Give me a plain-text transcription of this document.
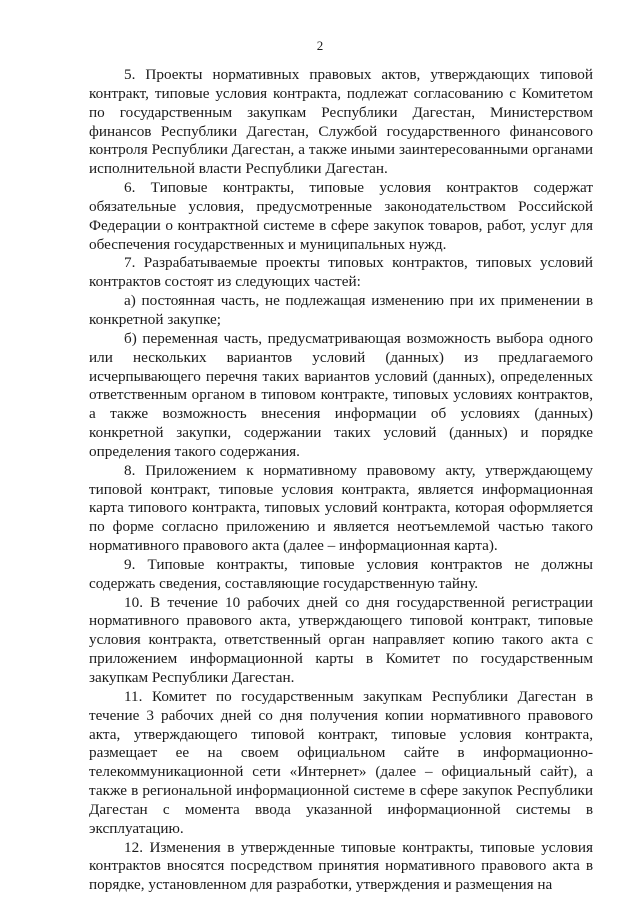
2

5. Проекты нормативных правовых актов, утверждающих типовой контракт, типовые условия контракта, подлежат согласованию с Комитетом по государственным закупкам Республики Дагестан, Министерством финансов Республики Дагестан, Службой государственного финансового контроля Республики Дагестан, а также иными заинтересованными органами исполнительной власти Республики Дагестан.

6. Типовые контракты, типовые условия контрактов содержат обязательные условия, предусмотренные законодательством Российской Федерации о контрактной системе в сфере закупок товаров, работ, услуг для обеспечения государственных и муниципальных нужд.

7. Разрабатываемые проекты типовых контрактов, типовых условий контрактов состоят из следующих частей:

а) постоянная часть, не подлежащая изменению при их применении в конкретной закупке;

б) переменная часть, предусматривающая возможность выбора одного или нескольких вариантов условий (данных) из предлагаемого исчерпывающего перечня таких вариантов условий (данных), определенных ответственным органом в типовом контракте, типовых условиях контрактов, а также возможность внесения информации об условиях (данных) конкретной закупки, содержании таких условий (данных) и порядке определения такого содержания.

8. Приложением к нормативному правовому акту, утверждающему типовой контракт, типовые условия контракта, является информационная карта типового контракта, типовых условий контракта, которая оформляется по форме согласно приложению и является неотъемлемой частью такого нормативного правового акта (далее – информационная карта).

9. Типовые контракты, типовые условия контрактов не должны содержать сведения, составляющие государственную тайну.

10. В течение 10 рабочих дней со дня государственной регистрации нормативного правового акта, утверждающего типовой контракт, типовые условия контракта, ответственный орган направляет копию такого акта с приложением информационной карты в Комитет по государственным закупкам Республики Дагестан.

11. Комитет по государственным закупкам Республики Дагестан в течение 3 рабочих дней со дня получения копии нормативного правового акта, утверждающего типовой контракт, типовые условия контракта, размещает ее на своем официальном сайте в информационно-телекоммуникационной сети «Интернет» (далее – официальный сайт), а также в региональной информационной системе в сфере закупок Республики Дагестан с момента ввода указанной информационной системы в эксплуатацию.

12. Изменения в утвержденные типовые контракты, типовые условия контрактов вносятся посредством принятия нормативного правового акта в порядке, установленном для разработки, утверждения и размещения на
